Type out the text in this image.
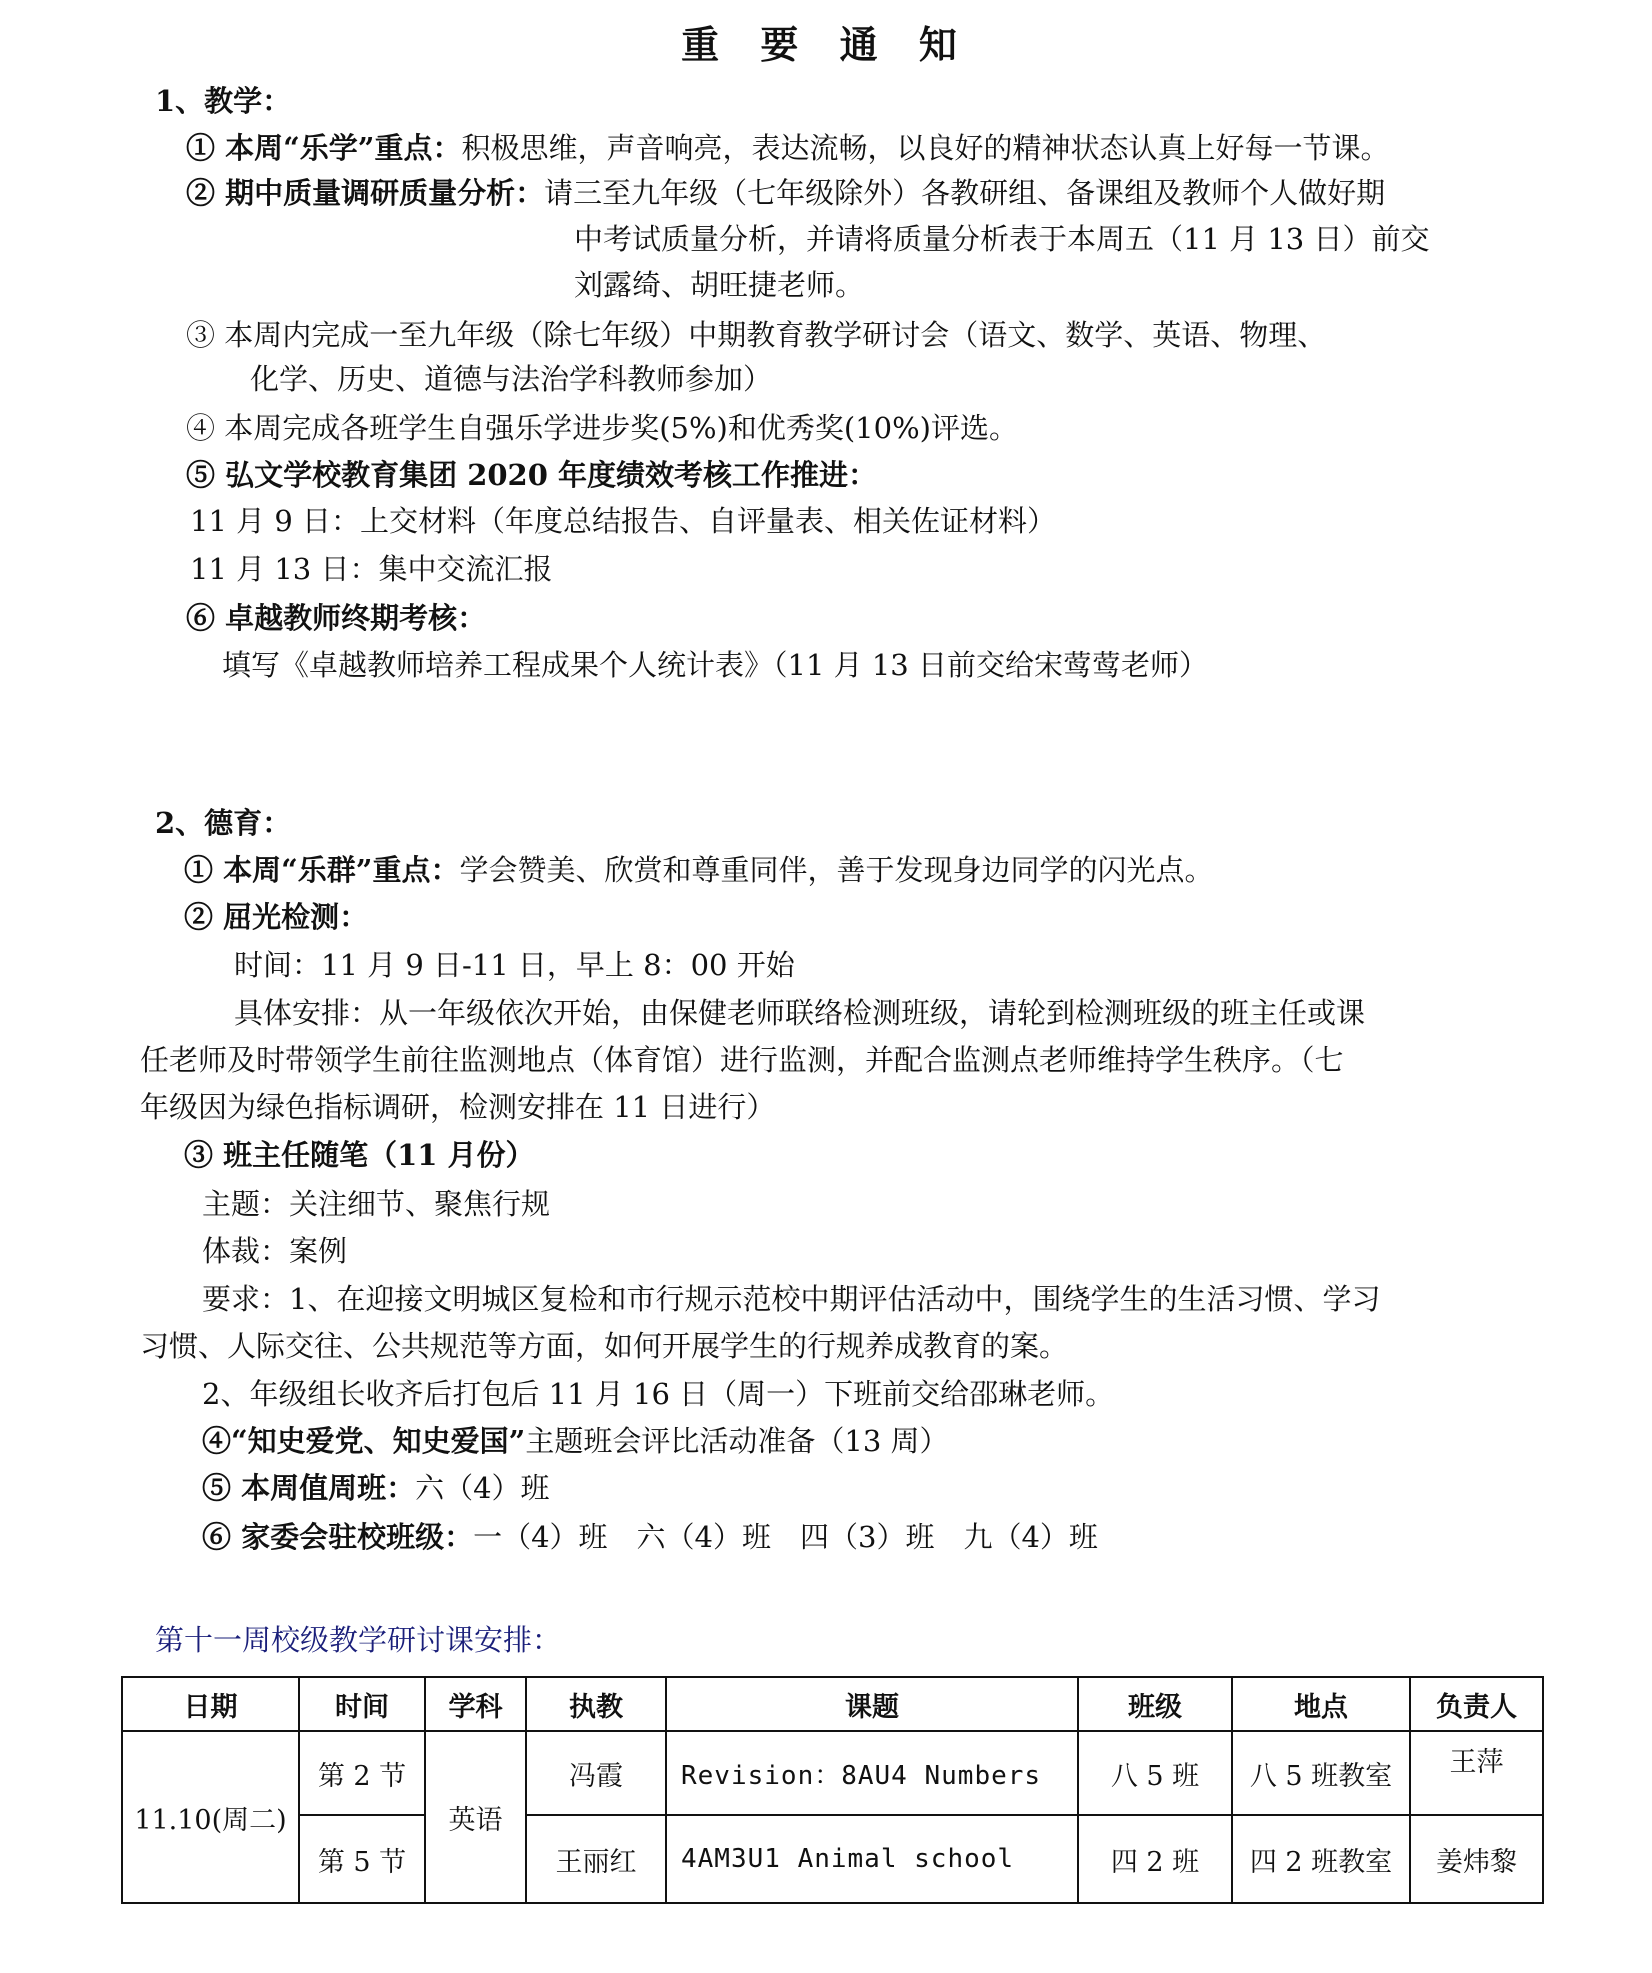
重 要 通 知
1、教学：
① 本周“乐学”重点：积极思维，声音响亮，表达流畅，以良好的精神状态认真上好每一节课。
② 期中质量调研质量分析：请三至九年级（七年级除外）各教研组、备课组及教师个人做好期
中考试质量分析，并请将质量分析表于本周五（11 月 13 日）前交
刘露绮、胡旺捷老师。
③ 本周内完成一至九年级（除七年级）中期教育教学研讨会（语文、数学、英语、物理、
化学、历史、道德与法治学科教师参加）
④ 本周完成各班学生自强乐学进步奖(5%)和优秀奖(10%)评选。
⑤ 弘文学校教育集团 2020 年度绩效考核工作推进：
11 月 9 日：上交材料（年度总结报告、自评量表、相关佐证材料）
11 月 13 日：集中交流汇报
⑥ 卓越教师终期考核：
填写《卓越教师培养工程成果个人统计表》（11 月 13 日前交给宋莺莺老师）
2、德育：
① 本周“乐群”重点：学会赞美、欣赏和尊重同伴，善于发现身边同学的闪光点。
② 屈光检测：
时间：11 月 9 日-11 日，早上 8：00 开始
具体安排：从一年级依次开始，由保健老师联络检测班级，请轮到检测班级的班主任或课
任老师及时带领学生前往监测地点（体育馆）进行监测，并配合监测点老师维持学生秩序。（七
年级因为绿色指标调研，检测安排在 11 日进行）
③ 班主任随笔（11 月份）
主题：关注细节、聚焦行规
体裁：案例
要求：1、在迎接文明城区复检和市行规示范校中期评估活动中，围绕学生的生活习惯、学习
习惯、人际交往、公共规范等方面，如何开展学生的行规养成教育的案。
2、年级组长收齐后打包后 11 月 16 日（周一）下班前交给邵琳老师。
④“知史爱党、知史爱国”主题班会评比活动准备（13 周）
⑤ 本周值周班：六（4）班
⑥ 家委会驻校班级：一（4）班　六（4）班　四（3）班　九（4）班
第十一周校级教学研讨课安排：
日期	时间	学科	执教	课题	班级	地点	负责人
11.10(周二)	第 2 节	英语	冯霞	Revision：8AU4 Numbers	八 5 班	八 5 班教室	王萍
	第 5 节		王丽红	4AM3U1 Animal school	四 2 班	四 2 班教室	姜炜黎
